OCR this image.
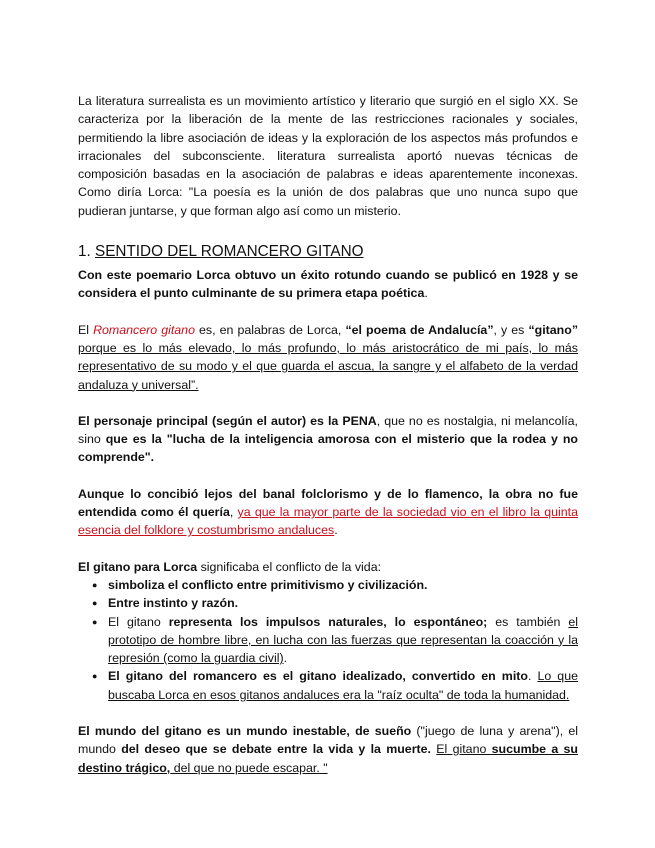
La literatura surrealista es un movimiento artístico y literario que surgió en el siglo XX. Se caracteriza por la liberación de la mente de las restricciones racionales y sociales, permitiendo la libre asociación de ideas y la exploración de los aspectos más profundos e irracionales del subconsciente. literatura surrealista aportó nuevas técnicas de composición basadas en la asociación de palabras e ideas aparentemente inconexas. Como diría Lorca: "La poesía es la unión de dos palabras que uno nunca supo que pudieran juntarse, y que forman algo así como un misterio.

1. SENTIDO DEL ROMANCERO GITANO

Con este poemario Lorca obtuvo un éxito rotundo cuando se publicó en 1928 y se considera el punto culminante de su primera etapa poética.

El Romancero gitano es, en palabras de Lorca, “el poema de Andalucía”, y es “gitano” porque es lo más elevado, lo más profundo, lo más aristocrático de mi país, lo más representativo de su modo y el que guarda el ascua, la sangre y el alfabeto de la verdad andaluza y universal”.

El personaje principal (según el autor) es la PENA, que no es nostalgia, ni melancolía, sino que es la "lucha de la inteligencia amorosa con el misterio que la rodea y no comprende".

Aunque lo concibió lejos del banal folclorismo y de lo flamenco, la obra no fue entendida como él quería, ya que la mayor parte de la sociedad vio en el libro la quinta esencia del folklore y costumbrismo andaluces.

El gitano para Lorca significaba el conflicto de la vida:

● simboliza el conflicto entre primitivismo y civilización.
● Entre instinto y razón.
● El gitano representa los impulsos naturales, lo espontáneo; es también el prototipo de hombre libre, en lucha con las fuerzas que representan la coacción y la represión (como la guardia civil).
● El gitano del romancero es el gitano idealizado, convertido en mito. Lo que buscaba Lorca en esos gitanos andaluces era la "raíz oculta" de toda la humanidad.

El mundo del gitano es un mundo inestable, de sueño ("juego de luna y arena"), el mundo del deseo que se debate entre la vida y la muerte. El gitano sucumbe a su destino trágico, del que no puede escapar. "
